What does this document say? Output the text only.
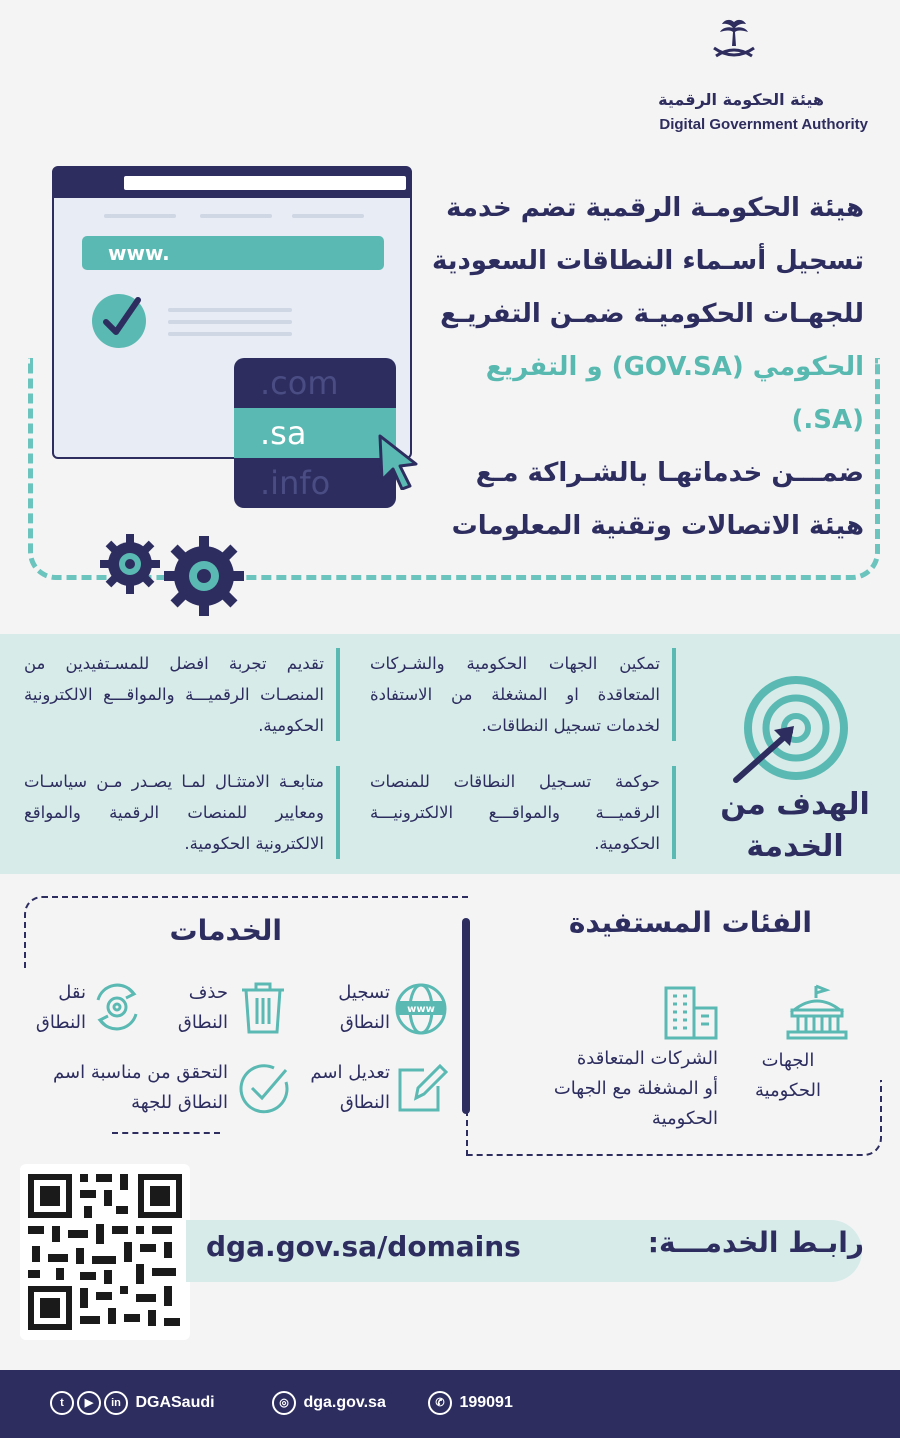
هيئة الحكومة الرقمية
Digital Government Authority
www.
.com
.sa
.info
هيئة الحكومـة الرقمية تضم خدمة
تسجيل أسـماء النطاقات السعودية
للجهـات الحكوميـة ضمـن التفريـع
الحكومي (GOV.SA) و التفريع (SA.)
ضمـــن خدماتهـا بالشـراكة مـع
هيئة الاتصالات وتقنية المعلومات
الهدف من
الخدمة
تمكين الجهات الحكومية والشـركات المتعاقدة او المشغلة من الاستفادة لخدمات تسجيل النطاقات.
تقديم تجربة افضل للمسـتفيدين من المنصـات الرقميـــة والمواقـــع الالكترونية الحكومية.
حوكمة تسـجيل النطاقات للمنصات الرقميـــة والمواقـــع الالكترونيـــة الحكومية.
متابعـة الامتثـال لمـا يصـدر مـن سياسـات ومعايير للمنصات الرقمية والمواقع الالكترونية الحكومية.
الفئات المستفيدة
الجهات
الحكومية
الشركات المتعاقدة
أو المشغلة مع الجهات
الحكومية
الخدمات
www
تسجيل
النطاق
حذف
النطاق
نقل
النطاق
تعديل اسم
النطاق
التحقق من مناسبة اسم
النطاق للجهة
رابـط الخدمـــة:
dga.gov.sa/domains
t ▶ in DGASaudi	◎ dga.gov.sa	✆ 199091
